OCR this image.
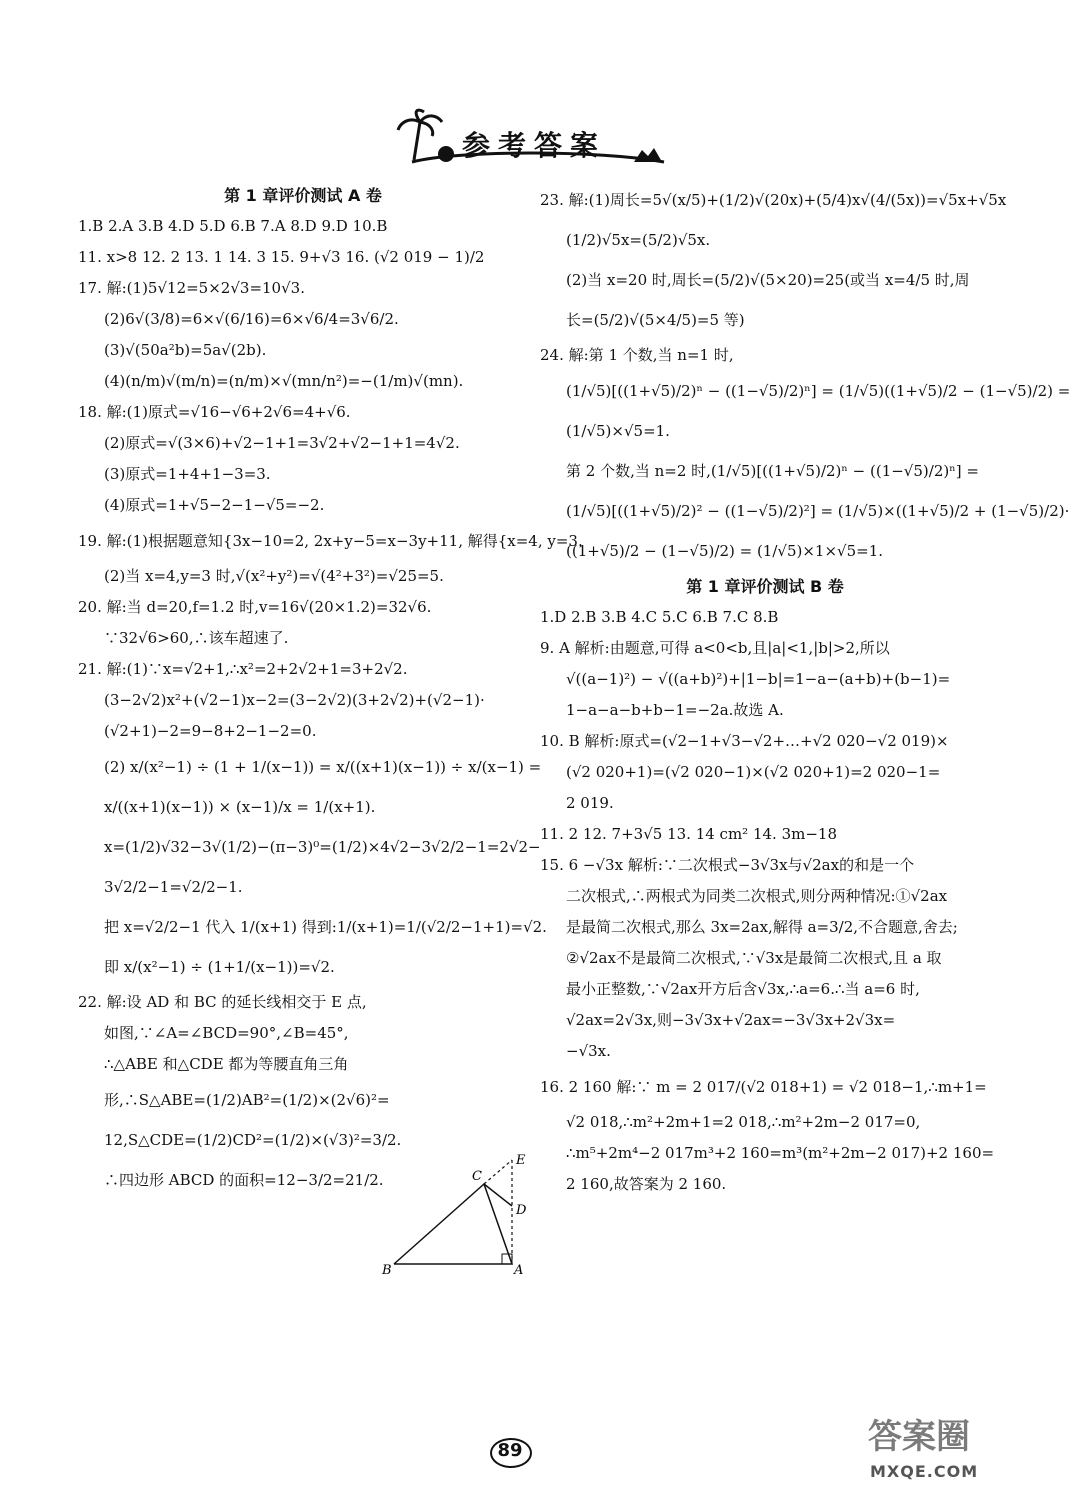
参考答案
第 1 章评价测试 A 卷
1.B 2.A 3.B 4.D 5.D 6.B 7.A 8.D 9.D 10.B
11. x>8 12. 2 13. 1 14. 3 15. 9+√3 16. (√2 019 − 1)/2
17. 解:(1)5√12=5×2√3=10√3.
(2)6√(3/8)=6×√(6/16)=6×√6/4=3√6/2.
(3)√(50a²b)=5a√(2b).
(4)(n/m)√(m/n)=(n/m)×√(mn/n²)=−(1/m)√(mn).
18. 解:(1)原式=√16−√6+2√6=4+√6.
(2)原式=√(3×6)+√2−1+1=3√2+√2−1+1=4√2.
(3)原式=1+4+1−3=3.
(4)原式=1+√5−2−1−√5=−2.
19. 解:(1)根据题意知{3x−10=2, 2x+y−5=x−3y+11, 解得{x=4, y=3.
(2)当 x=4,y=3 时,√(x²+y²)=√(4²+3²)=√25=5.
20. 解:当 d=20,f=1.2 时,v=16√(20×1.2)=32√6.
∵32√6>60,∴该车超速了.
21. 解:(1)∵x=√2+1,∴x²=2+2√2+1=3+2√2.
(3−2√2)x²+(√2−1)x−2=(3−2√2)(3+2√2)+(√2−1)·
(√2+1)−2=9−8+2−1−2=0.
(2) x/(x²−1) ÷ (1 + 1/(x−1)) = x/((x+1)(x−1)) ÷ x/(x−1) =
x/((x+1)(x−1)) × (x−1)/x = 1/(x+1).
x=(1/2)√32−3√(1/2)−(π−3)⁰=(1/2)×4√2−3√2/2−1=2√2−
3√2/2−1=√2/2−1.
把 x=√2/2−1 代入 1/(x+1) 得到:1/(x+1)=1/(√2/2−1+1)=√2.
即 x/(x²−1) ÷ (1+1/(x−1))=√2.
22. 解:设 AD 和 BC 的延长线相交于 E 点,
如图,∵∠A=∠BCD=90°,∠B=45°,
∴△ABE 和△CDE 都为等腰直角三角
形,∴S△ABE=(1/2)AB²=(1/2)×(2√6)²=
12,S△CDE=(1/2)CD²=(1/2)×(√3)²=3/2.
∴四边形 ABCD 的面积=12−3/2=21/2.	C
E
D
B	A
23. 解:(1)周长=5√(x/5)+(1/2)√(20x)+(5/4)x√(4/(5x))=√5x+√5x
(1/2)√5x=(5/2)√5x.
(2)当 x=20 时,周长=(5/2)√(5×20)=25(或当 x=4/5 时,周
长=(5/2)√(5×4/5)=5 等)
24. 解:第 1 个数,当 n=1 时,
(1/√5)[((1+√5)/2)ⁿ − ((1−√5)/2)ⁿ] = (1/√5)((1+√5)/2 − (1−√5)/2) =
(1/√5)×√5=1.
第 2 个数,当 n=2 时,(1/√5)[((1+√5)/2)ⁿ − ((1−√5)/2)ⁿ] =
(1/√5)[((1+√5)/2)² − ((1−√5)/2)²] = (1/√5)×((1+√5)/2 + (1−√5)/2)·
((1+√5)/2 − (1−√5)/2) = (1/√5)×1×√5=1.
第 1 章评价测试 B 卷
1.D 2.B 3.B 4.C 5.C 6.B 7.C 8.B
9. A 解析:由题意,可得 a<0<b,且|a|<1,|b|>2,所以
√((a−1)²) − √((a+b)²)+|1−b|=1−a−(a+b)+(b−1)=
1−a−a−b+b−1=−2a.故选 A.
10. B 解析:原式=(√2−1+√3−√2+…+√2 020−√2 019)×
(√2 020+1)=(√2 020−1)×(√2 020+1)=2 020−1=
2 019.
11. 2 12. 7+3√5 13. 14 cm² 14. 3m−18
15. 6 −√3x 解析:∵二次根式−3√3x与√2ax的和是一个
二次根式,∴两根式为同类二次根式,则分两种情况:①√2ax
是最简二次根式,那么 3x=2ax,解得 a=3/2,不合题意,舍去;
②√2ax不是最简二次根式,∵√3x是最简二次根式,且 a 取
最小正整数,∵√2ax开方后含√3x,∴a=6.∴当 a=6 时,
√2ax=2√3x,则−3√3x+√2ax=−3√3x+2√3x=
−√3x.
16. 2 160 解:∵ m = 2 017/(√2 018+1) = √2 018−1,∴m+1=
√2 018,∴m²+2m+1=2 018,∴m²+2m−2 017=0,
∴m⁵+2m⁴−2 017m³+2 160=m³(m²+2m−2 017)+2 160=
2 160,故答案为 2 160.
89	答案圈
MXQE.COM
